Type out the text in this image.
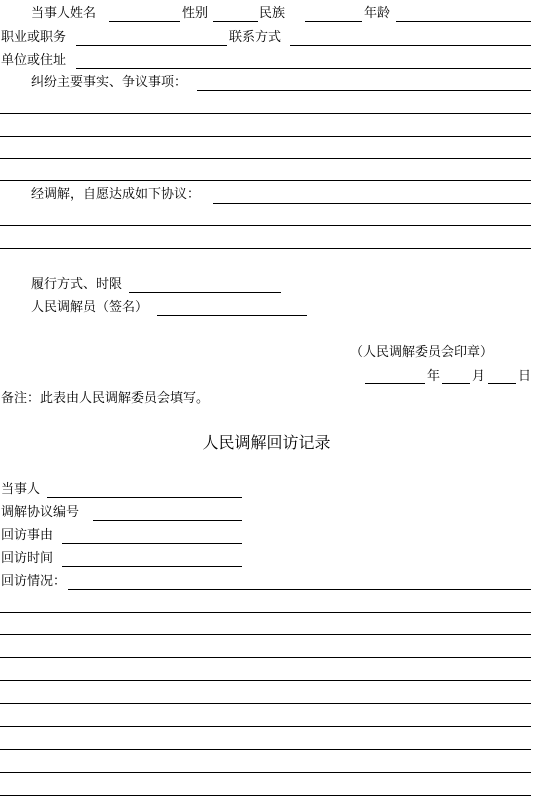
当事人姓名	性别	民族	年龄
职业或职务	联系方式
单位或住址
纠纷主要事实、争议事项：
经调解，自愿达成如下协议：
履行方式、时限
人民调解员（签名）
（人民调解委员会印章）
年 月	日
备注：此表由人民调解委员会填写。
人民调解回访记录
当事人
调解协议编号
回访事由
回访时间
回访情况：
